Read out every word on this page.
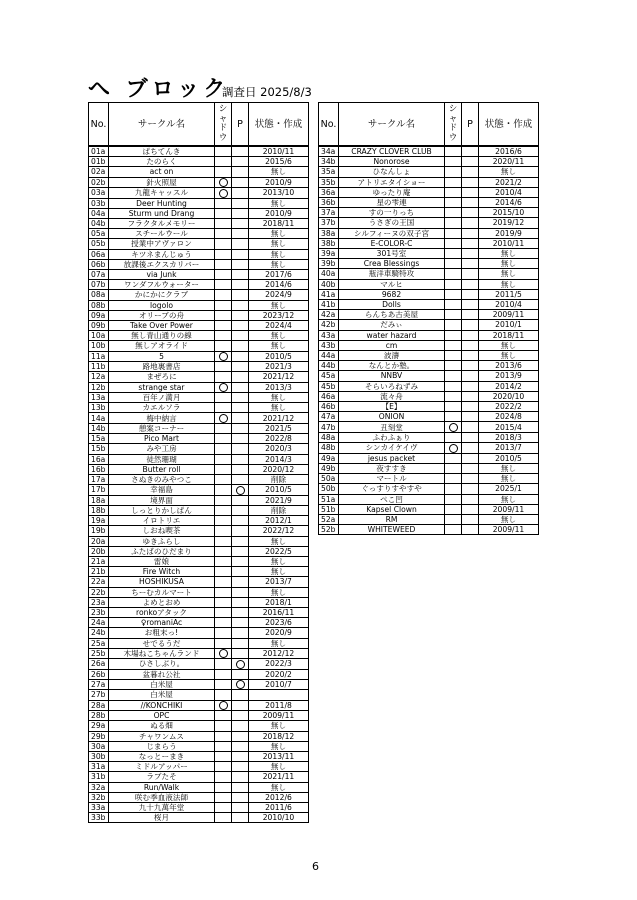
へ ブロック
調査日 2025/8/3
No.	サークル名	シ
ャ
ド
ウ	P	状態・作成
01a	ぱちてんき			2010/11
01b	たのらく			2015/6
02a	act on			無し
02b	針火照屋			2010/9
03a	九龍キャッスル			2013/10
03b	Deer Hunting			無し
04a	Sturm und Drang			2010/9
04b	フラクタルメモリー			2018/11
05a	スチールウール			無し
05b	授業中アヴァロン			無し
06a	キツネまんじゅう			無し
06b	放課後エクスカリバー			無し
07a	via Junk			2017/6
07b	ワンダフルウォーター			2014/6
08a	かにかにクラブ			2024/9
08b	logolo			無し
09a	オリーブの舟			2023/12
09b	Take Over Power			2024/4
10a	無し青山通りの線			無し
10b	無しアオライド			無し
11a	5			2010/5
11b	路地裏書店			2021/3
12a	まぜろに			2021/12
12b	strange star			2013/3
13a	百年ノ満月			無し
13b	カエルソラ			無し
14a	梅中納言			2021/12
14b	憩案コーナー			2021/5
15a	Pico Mart			2022/8
15b	みや工房			2020/3
16a	徒然珊瑚			2014/3
16b	Butter roll			2020/12
17a	さぬきのみやつこ			削除
17b	幸福島			2010/5
18a	境界面			2021/9
18b	しっとりかしぱん			削除
19a	イロトリエ			2012/1
19b	しおね喫茶			2022/12
20a	ゆきふらし			無し
20b	ふたばのひだまり			2022/5
21a	雷娘			無し
21b	Fire Witch			無し
22a	HOSHIKUSA			2013/7
22b	ちーむカルマート			無し
23a	よめとおめ			2018/1
23b	ronkoアタック			2016/11
24a	♀romaniAc			2023/6
24b	お粗末っ!			2020/9
25a	せでるうだ			無し
25b	木場ねこちゃんランド			2012/12
26a	ひさしぶり。			2022/3
26b	盆暮れ公社			2020/2
27a	白米屋			2010/7
27b	白米屋			
28a	//KONCHIKI			2011/8
28b	OPC			2009/11
29a	ぬる畑			無し
29b	チャワンムス			2018/12
30a	じまらう			無し
30b	なっとーまき			2013/11
31a	ミドルアッパー			無し
31b	ラブたそ			2021/11
32a	Run/Walk			無し
32b	咲む季血液法師			2012/6
33a	九十九萬年堂			2011/6
33b	桜月			2010/10
No.	サークル名	シ
ャ
ド
ウ	P	状態・作成
34a	CRAZY CLOVER CLUB			2016/6
34b	Nonorose			2020/11
35a	ひなんしょ			無し
35b	アトリエタイショー			2021/2
36a	ゆったり庵			2010/4
36b	星の雫連			2014/6
37a	すの一りっち			2015/10
37b	うさぎの王国			2019/12
38a	シルフィーヌの双子宮			2019/9
38b	E-COLOR-C			2010/11
39a	301号室			無し
39b	Crea Blessings			無し
40a	瓶洋車騎特攻			無し
40b	マルヒ			無し
41a	9682			2011/5
41b	Dolls			2010/4
42a	らんちあ古美屋			2009/11
42b	だみぃ			2010/1
43a	water hazard			2018/11
43b	cm			無し
44a	波濤			無し
44b	なんとか塾。			2013/6
45a	NNBV			2013/9
45b	そらいろねずみ			2014/2
46a	流々舟			2020/10
46b	【E】			2022/2
47a	ONION			2024/8
47b	丑刻堂			2015/4
48a	ふわふぁり			2018/3
48b	シンカイケイヴ			2013/7
49a	jesus packet			2010/5
49b	夜すすき			無し
50a	マートル			無し
50b	ぐっすりすやすや			2025/1
51a	ぺこ凹			無し
51b	Kapsel Clown			2009/11
52a	RM			無し
52b	WHITEWEED			2009/11
6
